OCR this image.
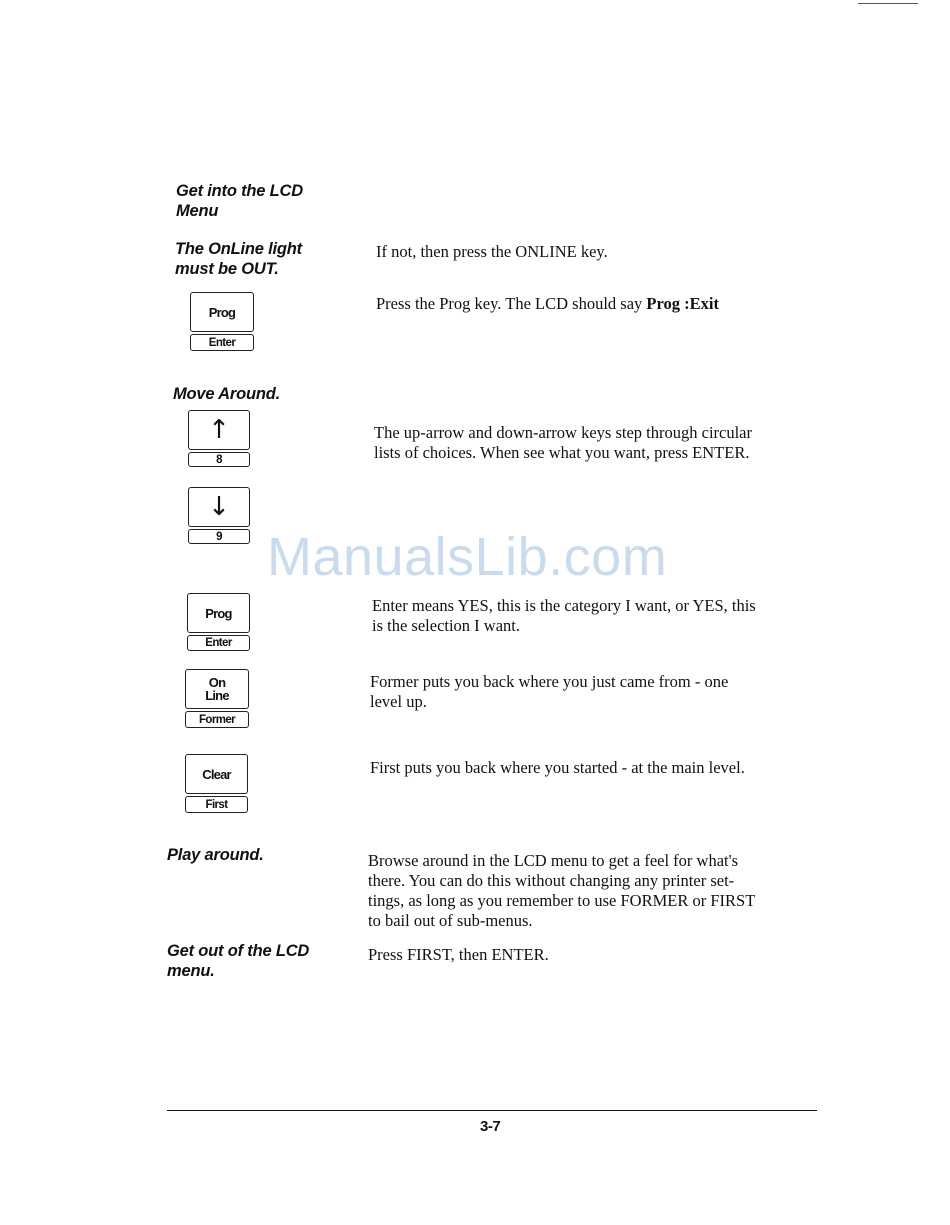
Get into the LCD
Menu
The OnLine light
must be OUT.
If not, then press the ONLINE key.
Prog
Enter
Press the Prog key. The LCD should say Prog :Exit
Move Around.
↑
8
The up-arrow and down-arrow keys step through circular
lists of choices. When see what you want, press ENTER.
↓
9 ManualsLib.com
Prog
Enter
Enter means YES, this is the category I want, or YES, this
is the selection I want.
On
Line
Former
Former puts you back where you just came from - one
level up.
Clear
First
First puts you back where you started - at the main level.
Play around.	Browse around in the LCD menu to get a feel for what's
there. You can do this without changing any printer set-
tings, as long as you remember to use FORMER or FIRST
to bail out of sub-menus.
Get out of the LCD
menu.
Press FIRST, then ENTER.
3-7
